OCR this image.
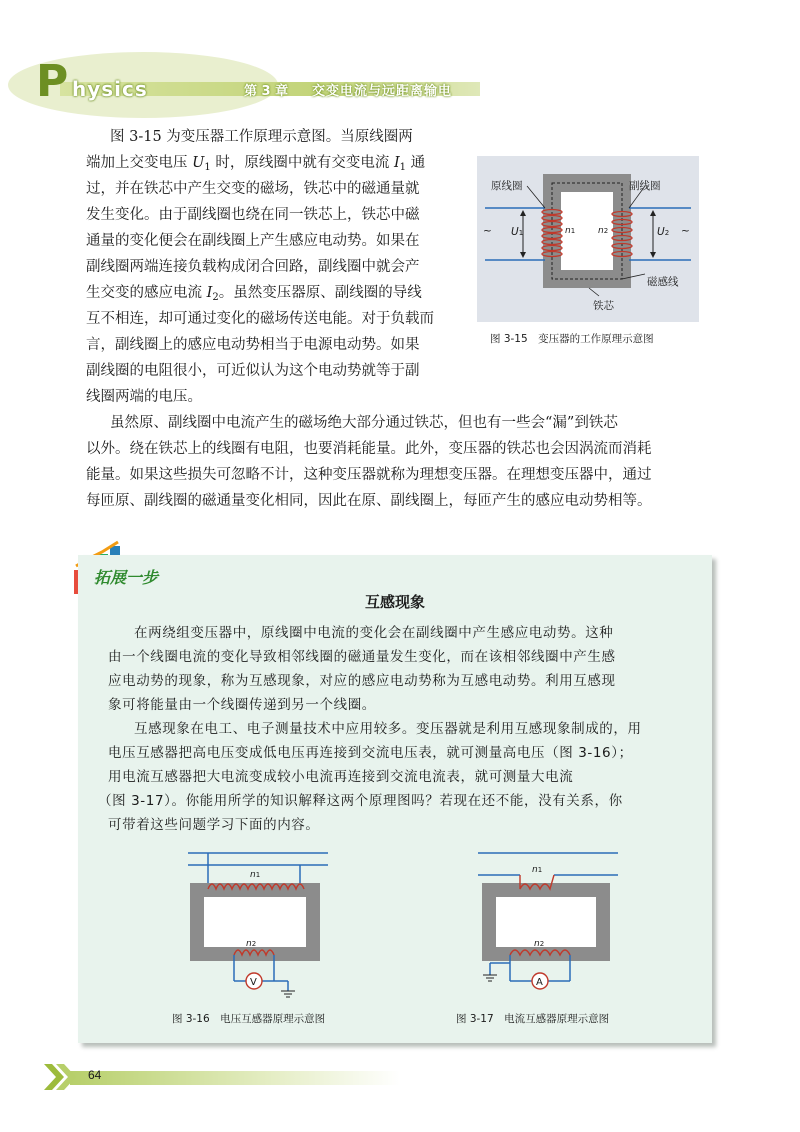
P hysics	第 3 章 交变电流与远距离输电
图 3-15 为变压器工作原理示意图。当原线圈两
端加上交变电压 $U_1$ 时，原线圈中就有交变电流 $I_1$ 通
过，并在铁芯中产生交变的磁场，铁芯中的磁通量就
发生变化。由于副线圈也绕在同一铁芯上，铁芯中磁
通量的变化便会在副线圈上产生感应电动势。如果在
副线圈两端连接负载构成闭合回路，副线圈中就会产
生交变的感应电流 $I_2$。虽然变压器原、副线圈的导线
互不相连，却可通过变化的磁场传送电能。对于负载而
言，副线圈上的感应电动势相当于电源电动势。如果
副线圈的电阻很小，可近似认为这个电动势就等于副
线圈两端的电压。
虽然原、副线圈中电流产生的磁场绝大部分通过铁芯，但也有一些会“漏”到铁芯
以外。绕在铁芯上的线圈有电阻，也要消耗能量。此外，变压器的铁芯也会因涡流而消耗
能量。如果这些损失可忽略不计，这种变压器就称为理想变压器。在理想变压器中，通过
每匝原、副线圈的磁通量变化相同，因此在原、副线圈上，每匝产生的感应电动势相等。
原线圈	副线圈
磁感线
铁芯
~	~
U1	U2
n1	n2
图 3-15　变压器的工作原理示意图
互感现象
在两绕组变压器中，原线圈中电流的变化会在副线圈中产生感应电动势。这种
由一个线圈电流的变化导致相邻线圈的磁通量发生变化，而在该相邻线圈中产生感
应电动势的现象，称为互感现象，对应的感应电动势称为互感电动势。利用互感现
象可将能量由一个线圈传递到另一个线圈。
互感现象在电工、电子测量技术中应用较多。变压器就是利用互感现象制成的，用
电压互感器把高电压变成低电压再连接到交流电压表，就可测量高电压（图 3-16）；
用电流互感器把大电流变成较小电流再连接到交流电流表，就可测量大电流
（图 3-17）。你能用所学的知识解释这两个原理图吗？若现在还不能，没有关系，你
可带着这些问题学习下面的内容。
V
n1
n2
图 3-16　电压互感器原理示意图
A
n1
n2
图 3-17　电流互感器原理示意图
拓展一步
64
